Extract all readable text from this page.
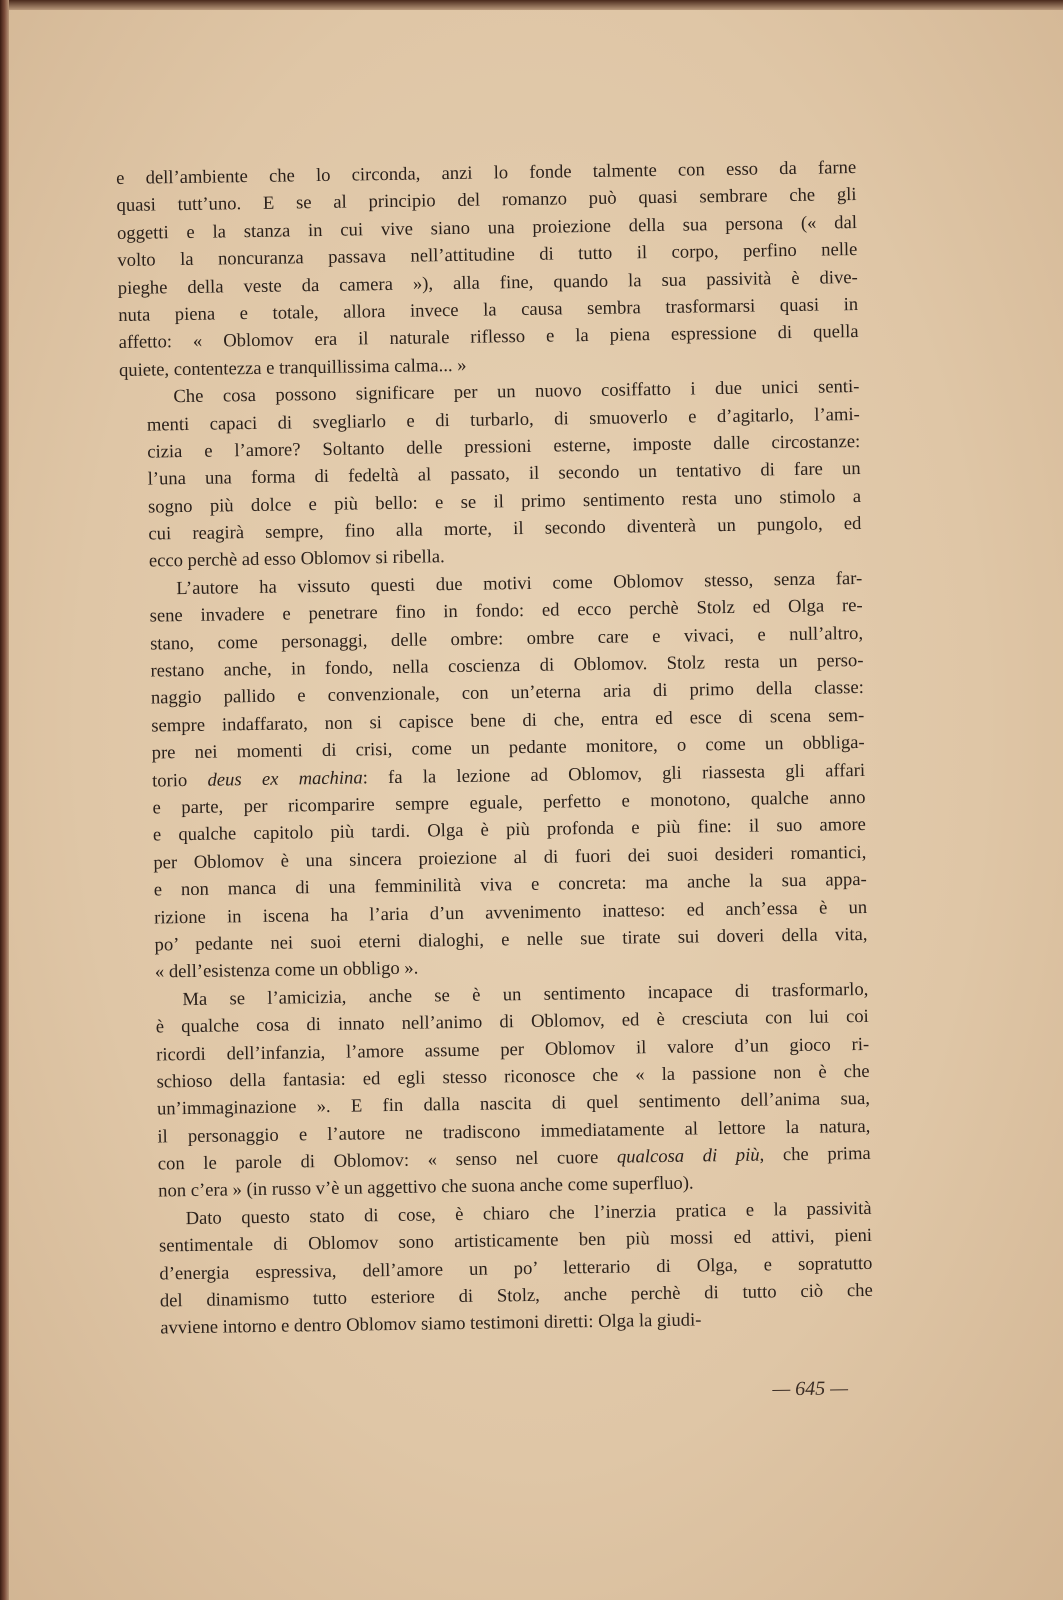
e dell’ambiente che lo circonda, anzi lo fonde talmente con esso da farne
quasi tutt’uno. E se al principio del romanzo può quasi sembrare che gli
oggetti e la stanza in cui vive siano una proiezione della sua persona (« dal
volto la noncuranza passava nell’attitudine di tutto il corpo, perfino nelle
pieghe della veste da camera »), alla fine, quando la sua passività è dive-
nuta piena e totale, allora invece la causa sembra trasformarsi quasi in
affetto: « Oblomov era il naturale riflesso e la piena espressione di quella
quiete, contentezza e tranquillissima calma... »
Che cosa possono significare per un nuovo cosiffatto i due unici senti-
menti capaci di svegliarlo e di turbarlo, di smuoverlo e d’agitarlo, l’ami-
cizia e l’amore? Soltanto delle pressioni esterne, imposte dalle circostanze:
l’una una forma di fedeltà al passato, il secondo un tentativo di fare un
sogno più dolce e più bello: e se il primo sentimento resta uno stimolo a
cui reagirà sempre, fino alla morte, il secondo diventerà un pungolo, ed
ecco perchè ad esso Oblomov si ribella.
L’autore ha vissuto questi due motivi come Oblomov stesso, senza far-
sene invadere e penetrare fino in fondo: ed ecco perchè Stolz ed Olga re-
stano, come personaggi, delle ombre: ombre care e vivaci, e null’altro,
restano anche, in fondo, nella coscienza di Oblomov. Stolz resta un perso-
naggio pallido e convenzionale, con un’eterna aria di primo della classe:
sempre indaffarato, non si capisce bene di che, entra ed esce di scena sem-
pre nei momenti di crisi, come un pedante monitore, o come un obbliga-
torio deus ex machina: fa la lezione ad Oblomov, gli riassesta gli affari
e parte, per ricomparire sempre eguale, perfetto e monotono, qualche anno
e qualche capitolo più tardi. Olga è più profonda e più fine: il suo amore
per Oblomov è una sincera proiezione al di fuori dei suoi desideri romantici,
e non manca di una femminilità viva e concreta: ma anche la sua appa-
rizione in iscena ha l’aria d’un avvenimento inatteso: ed anch’essa è un
po’ pedante nei suoi eterni dialoghi, e nelle sue tirate sui doveri della vita,
« dell’esistenza come un obbligo ».
Ma se l’amicizia, anche se è un sentimento incapace di trasformarlo,
è qualche cosa di innato nell’animo di Oblomov, ed è cresciuta con lui coi
ricordi dell’infanzia, l’amore assume per Oblomov il valore d’un gioco ri-
schioso della fantasia: ed egli stesso riconosce che « la passione non è che
un’immaginazione ». E fin dalla nascita di quel sentimento dell’anima sua,
il personaggio e l’autore ne tradiscono immediatamente al lettore la natura,
con le parole di Oblomov: « senso nel cuore qualcosa di più, che prima
non c’era » (in russo v’è un aggettivo che suona anche come superfluo).
Dato questo stato di cose, è chiaro che l’inerzia pratica e la passività
sentimentale di Oblomov sono artisticamente ben più mossi ed attivi, pieni
d’energia espressiva, dell’amore un po’ letterario di Olga, e sopratutto
del dinamismo tutto esteriore di Stolz, anche perchè di tutto ciò che
avviene intorno e dentro Oblomov siamo testimoni diretti: Olga la giudi-
— 645 —
